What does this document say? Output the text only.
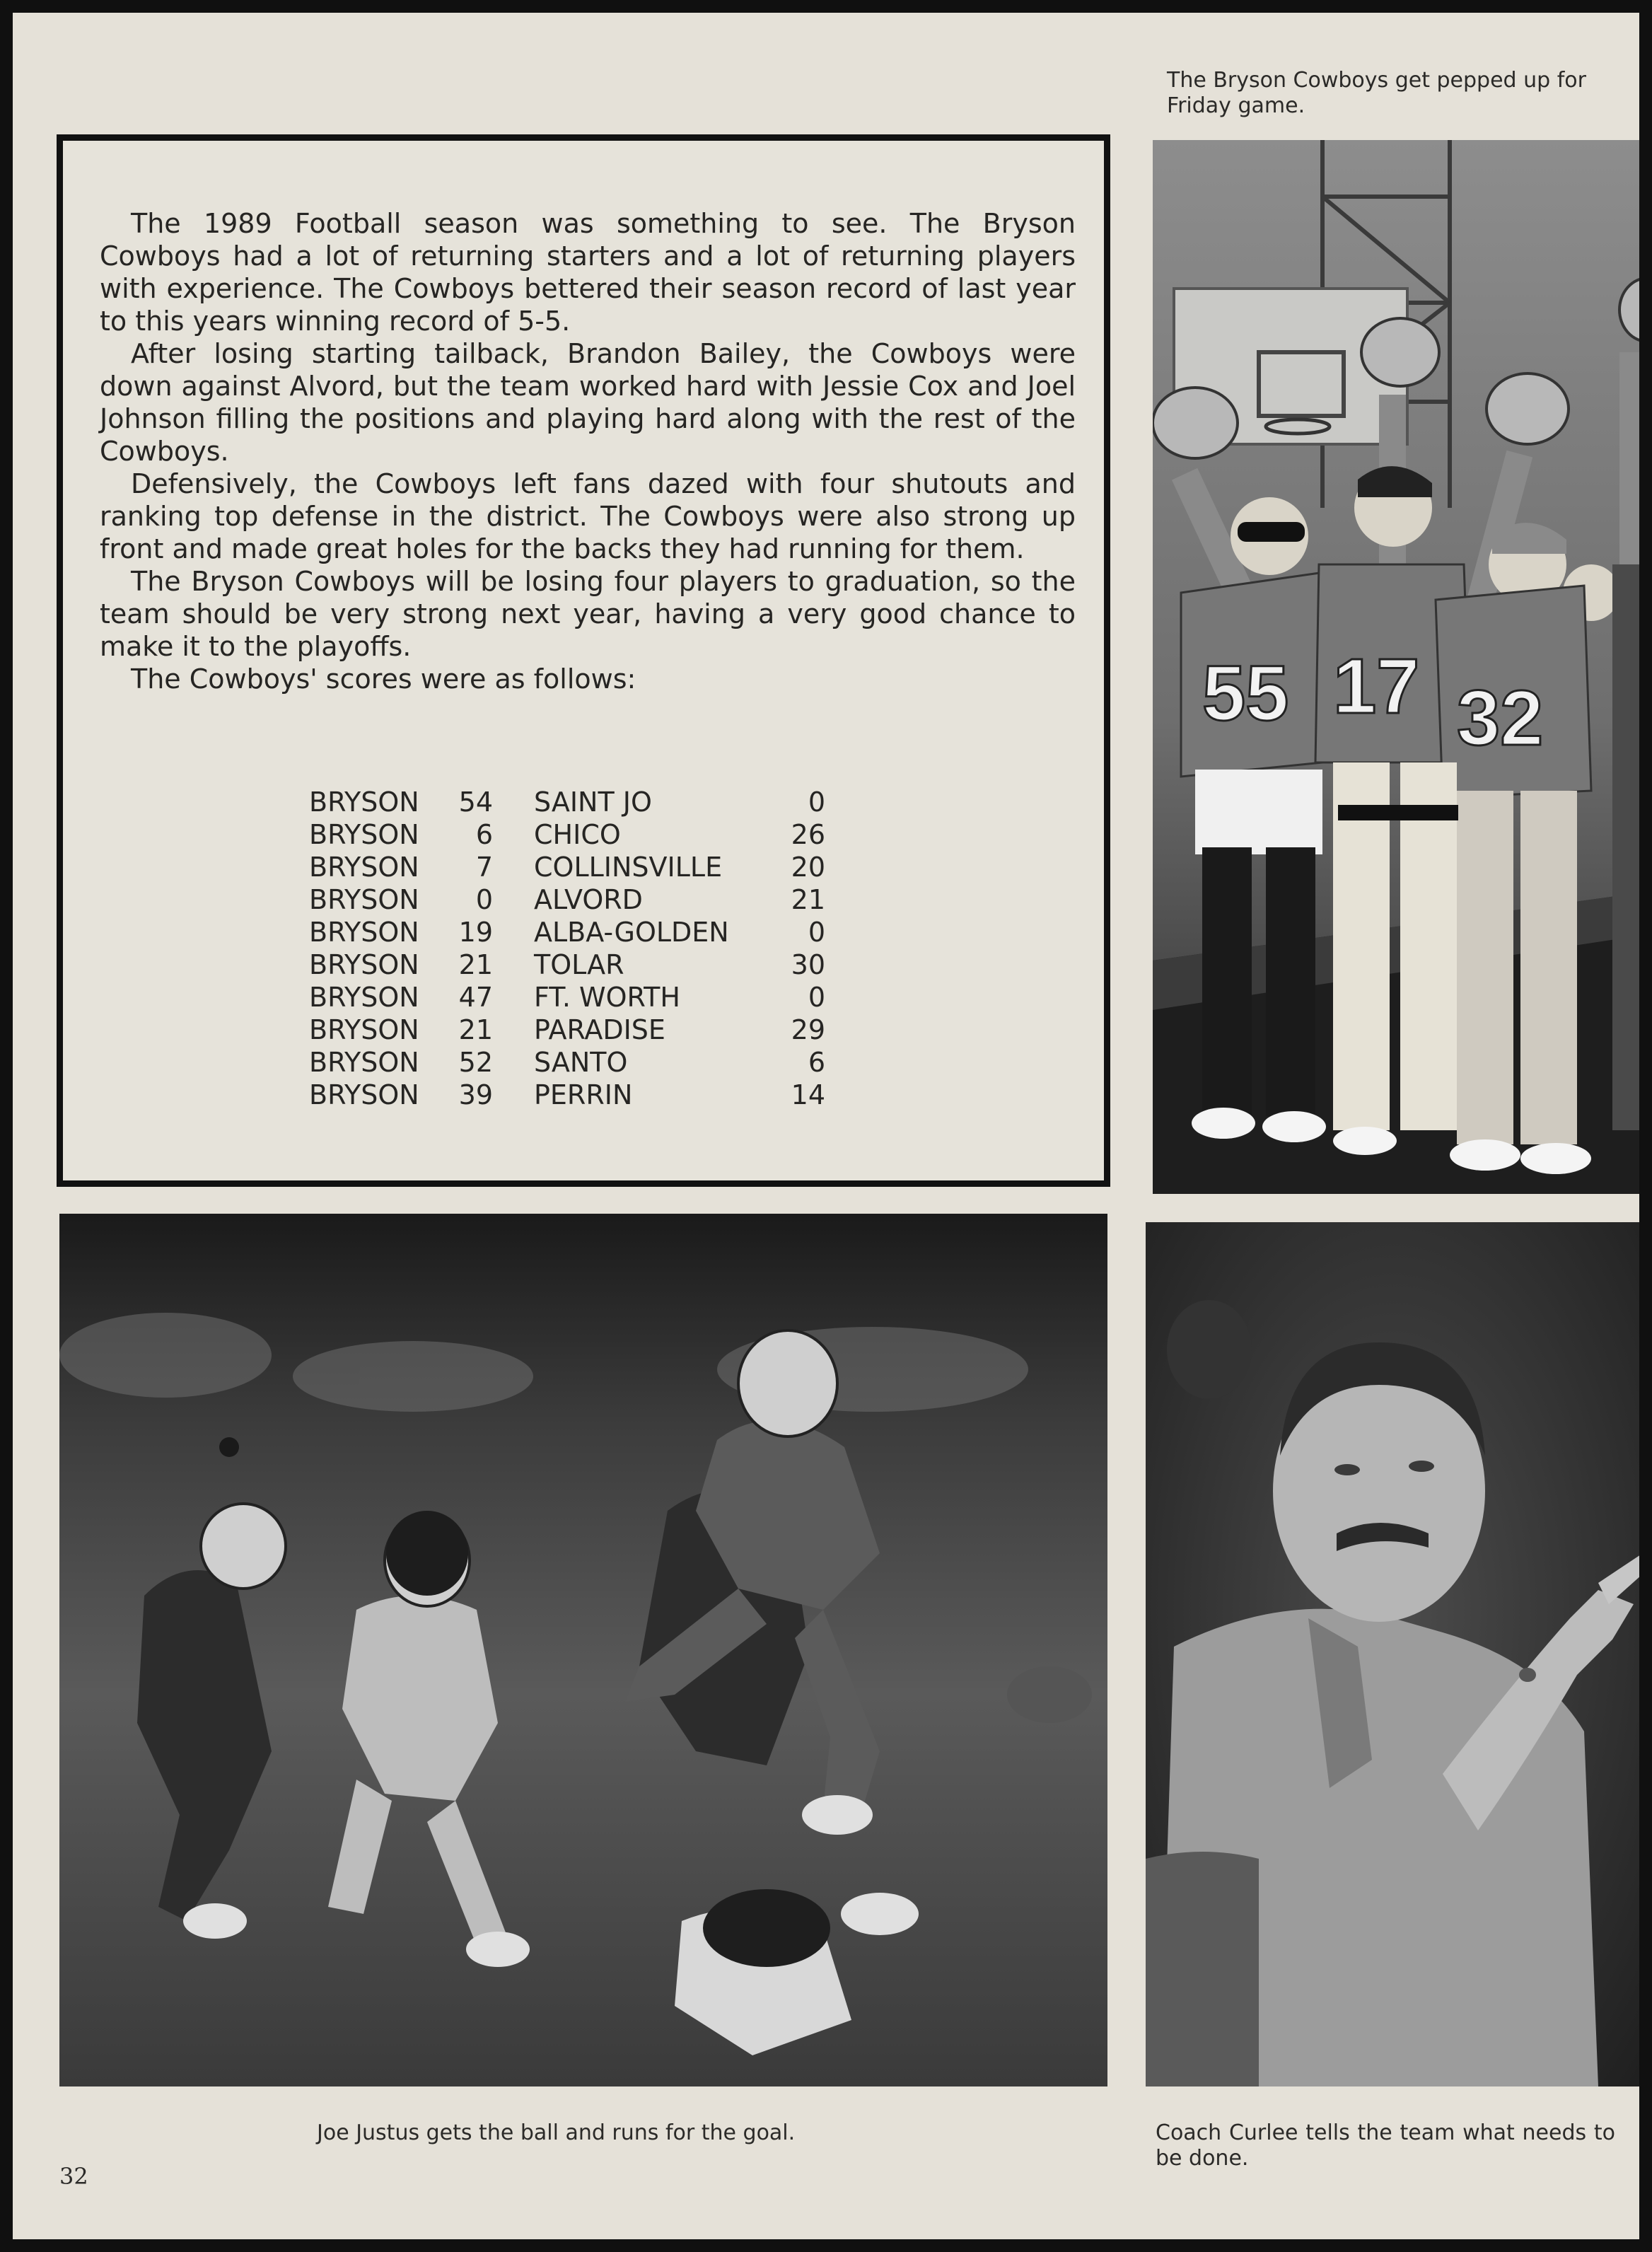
The Bryson Cowboys get pepped up for Friday game.

The 1989 Football season was something to see. The Bryson Cowboys had a lot of returning starters and a lot of returning players with experience. The Cowboys bettered their season record of last year to this years winning record of 5-5.

After losing starting tailback, Brandon Bailey, the Cowboys were down against Alvord, but the team worked hard with Jessie Cox and Joel Johnson filling the positions and playing hard along with the rest of the Cowboys.

Defensively, the Cowboys left fans dazed with four shutouts and ranking top defense in the district. The Cowboys were also strong up front and made great holes for the backs they had running for them.

The Bryson Cowboys will be losing four players to graduation, so the team should be very strong next year, having a very good chance to make it to the playoffs.

The Cowboys' scores were as follows:

BRYSON	54 SAINT JO	0
BRYSON	6 CHICO	26
BRYSON	7 COLLINSVILLE	20
BRYSON	0 ALVORD	21
BRYSON	19 ALBA-GOLDEN	0
BRYSON	21 TOLAR	30
BRYSON	47 FT. WORTH	0
BRYSON	21 PARADISE	29
BRYSON	52 SANTO	6
BRYSON	39 PERRIN	14
55 17 32
Joe Justus gets the ball and runs for the goal.	Coach Curlee tells the team what needs to be done.
32
